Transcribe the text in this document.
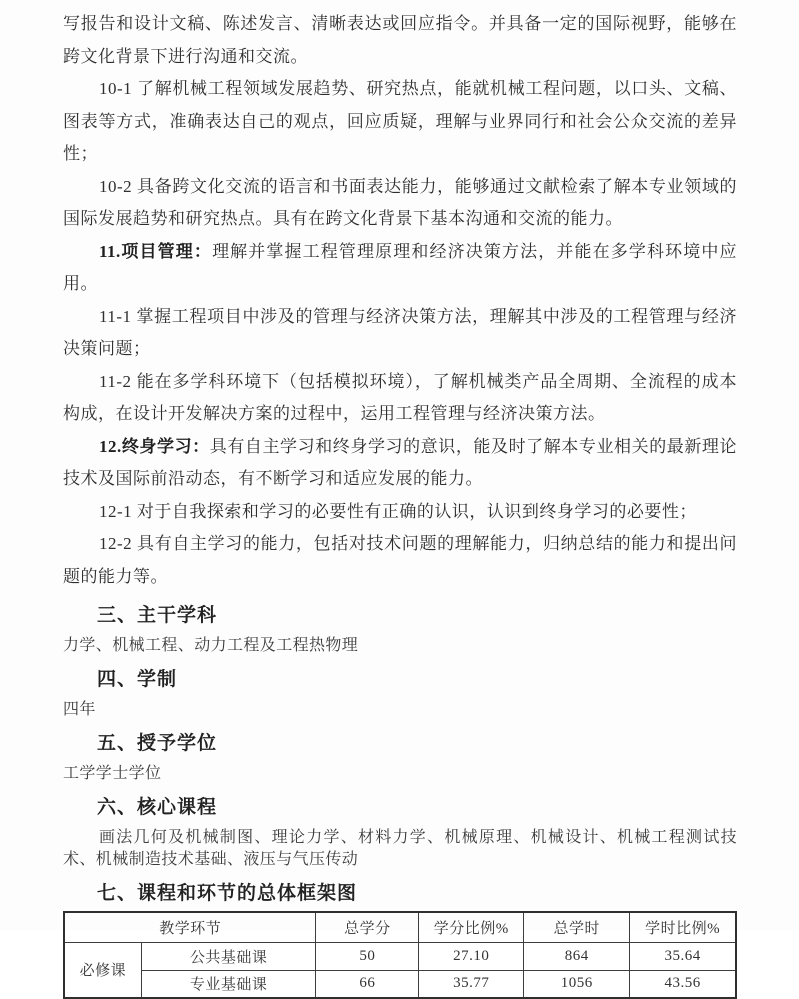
写报告和设计文稿、陈述发言、清晰表达或回应指令。并具备一定的国际视野，能够在跨文化背景下进行沟通和交流。

10-1 了解机械工程领域发展趋势、研究热点，能就机械工程问题，以口头、文稿、图表等方式，准确表达自己的观点，回应质疑，理解与业界同行和社会公众交流的差异性；

10-2 具备跨文化交流的语言和书面表达能力，能够通过文献检索了解本专业领域的国际发展趋势和研究热点。具有在跨文化背景下基本沟通和交流的能力。

11.项目管理：理解并掌握工程管理原理和经济决策方法，并能在多学科环境中应用。

11-1 掌握工程项目中涉及的管理与经济决策方法，理解其中涉及的工程管理与经济决策问题；

11-2 能在多学科环境下（包括模拟环境），了解机械类产品全周期、全流程的成本构成，在设计开发解决方案的过程中，运用工程管理与经济决策方法。

12.终身学习：具有自主学习和终身学习的意识，能及时了解本专业相关的最新理论技术及国际前沿动态，有不断学习和适应发展的能力。

12-1 对于自我探索和学习的必要性有正确的认识，认识到终身学习的必要性；

12-2 具有自主学习的能力，包括对技术问题的理解能力，归纳总结的能力和提出问题的能力等。

三、主干学科

力学、机械工程、动力工程及工程热物理

四、学制

四年

五、授予学位

工学学士学位

六、核心课程

画法几何及机械制图、理论力学、材料力学、机械原理、机械设计、机械工程测试技术、机械制造技术基础、液压与气压传动

七、课程和环节的总体框架图
教学环节		总学分	学分比例%	总学时	学时比例%
必修课	公共基础课	50	27.10	864	35.64
	专业基础课	66	35.77	1056	43.56
